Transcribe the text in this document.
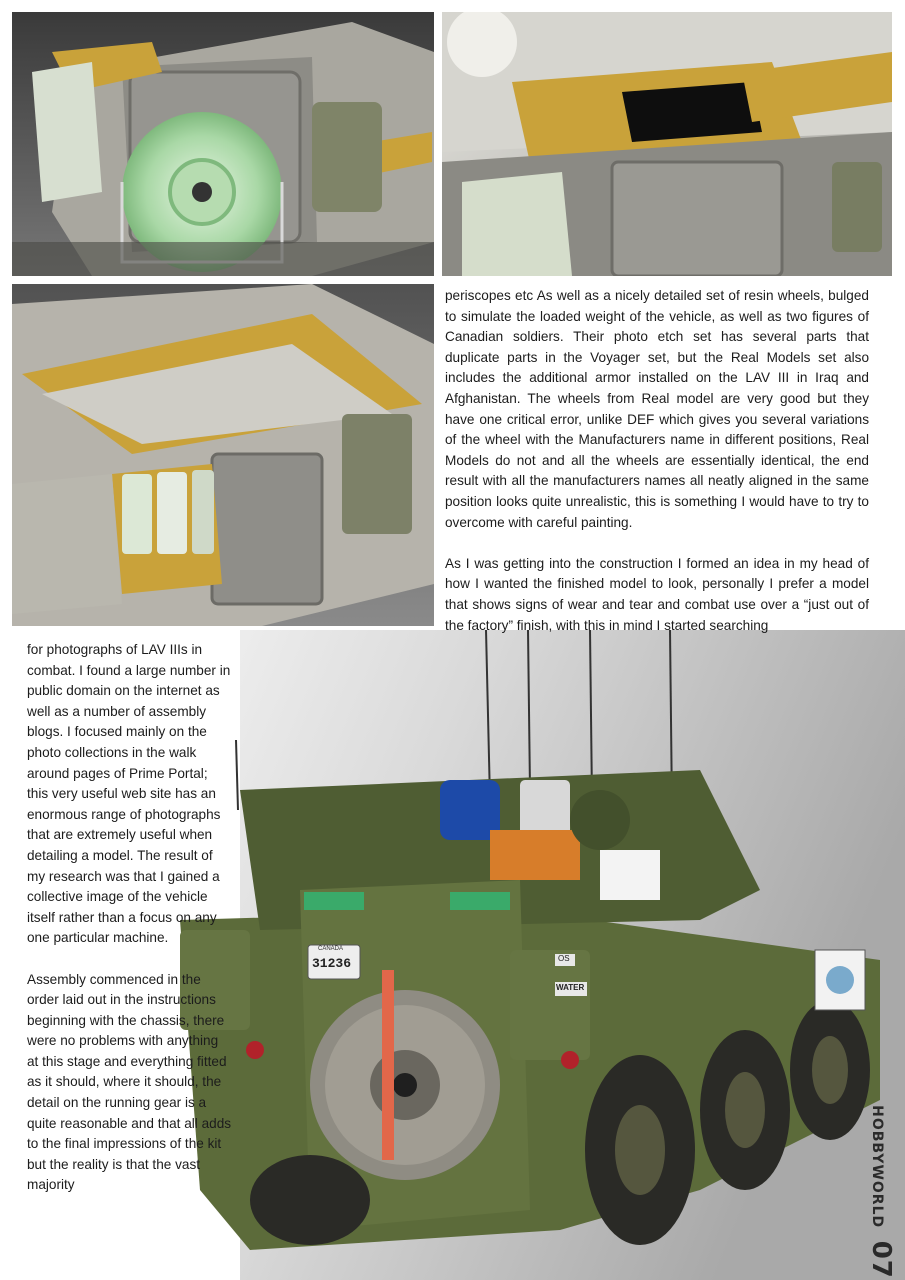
CANADA
31236	OS
WATER

periscopes etc As well as a nicely detailed set of resin wheels, bulged to simulate the loaded weight of the vehicle, as well as two figures of Canadian soldiers. Their photo etch set has several parts that duplicate parts in the Voyager set, but the Real Models set also includes the additional armor installed on the LAV III in Iraq and Afghanistan. The wheels from Real model are very good but they have one critical error, unlike DEF which gives you several variations of the wheel with the Manufacturers name in different positions, Real Models do not and all the wheels are essentially identical, the end result with all the manufacturers names all neatly aligned in the same position looks quite unrealistic, this is something I would have to try to overcome with careful painting.

As I was getting into the construction I formed an idea in my head of how I wanted the finished model to look, personally I prefer a model that shows signs of wear and tear and combat use over a “just out of the factory” finish, with this in mind I started searching

for photographs of LAV IIIs in combat. I found a large number in public domain on the internet as well as a number of assembly blogs. I focused mainly on the photo collections in the walk around pages of Prime Portal; this very useful web site has an enormous range of photographs that are extremely useful when detailing a model. The result of my research was that I gained a collective image of the vehicle itself rather than a focus on any one particular machine.

Assembly commenced in the order laid out in the instructions beginning with the chassis, there were no problems with anything at this stage and everything fitted as it should, where it should, the detail on the running gear is a quite reasonable and that all adds to the final impressions of the kit but the reality is that the vast majority	HOBBYWORLD 07
